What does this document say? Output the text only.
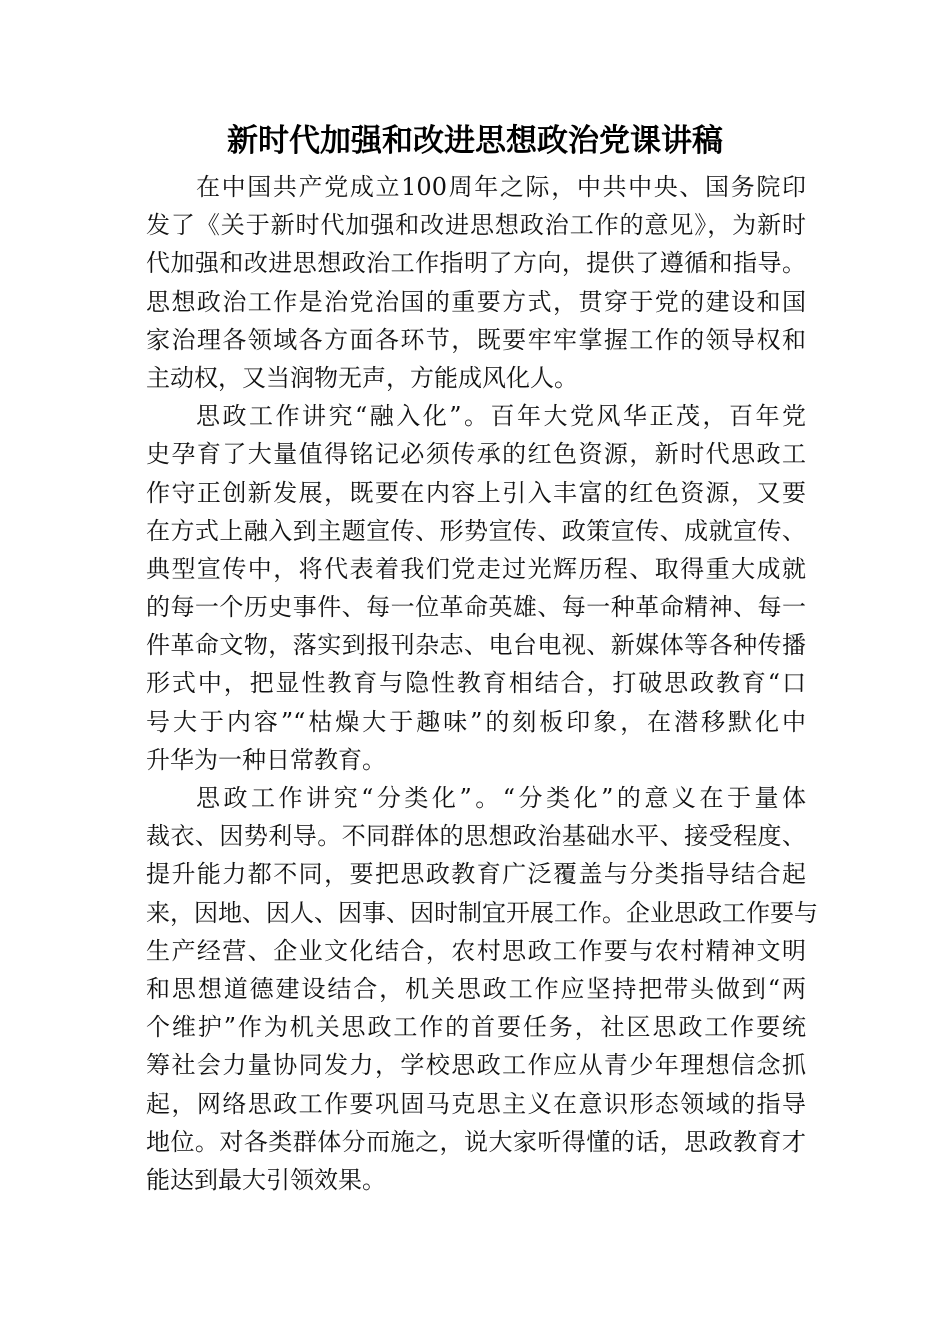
新时代加强和改进思想政治党课讲稿
在中国共产党成立100周年之际，中共中央、国务院印
发了《关于新时代加强和改进思想政治工作的意见》，为新时
代加强和改进思想政治工作指明了方向，提供了遵循和指导。
思想政治工作是治党治国的重要方式，贯穿于党的建设和国
家治理各领域各方面各环节，既要牢牢掌握工作的领导权和
主动权，又当润物无声，方能成风化人。
思政工作讲究“融入化”。百年大党风华正茂，百年党
史孕育了大量值得铭记必须传承的红色资源，新时代思政工
作守正创新发展，既要在内容上引入丰富的红色资源，又要
在方式上融入到主题宣传、形势宣传、政策宣传、成就宣传、
典型宣传中，将代表着我们党走过光辉历程、取得重大成就
的每一个历史事件、每一位革命英雄、每一种革命精神、每一
件革命文物，落实到报刊杂志、电台电视、新媒体等各种传播
形式中，把显性教育与隐性教育相结合，打破思政教育“口
号大于内容”“枯燥大于趣味”的刻板印象，在潜移默化中
升华为一种日常教育。
思政工作讲究“分类化”。“分类化”的意义在于量体
裁衣、因势利导。不同群体的思想政治基础水平、接受程度、
提升能力都不同，要把思政教育广泛覆盖与分类指导结合起
来，因地、因人、因事、因时制宜开展工作。企业思政工作要与
生产经营、企业文化结合，农村思政工作要与农村精神文明
和思想道德建设结合，机关思政工作应坚持把带头做到“两
个维护”作为机关思政工作的首要任务，社区思政工作要统
筹社会力量协同发力，学校思政工作应从青少年理想信念抓
起，网络思政工作要巩固马克思主义在意识形态领域的指导
地位。对各类群体分而施之，说大家听得懂的话，思政教育才
能达到最大引领效果。
